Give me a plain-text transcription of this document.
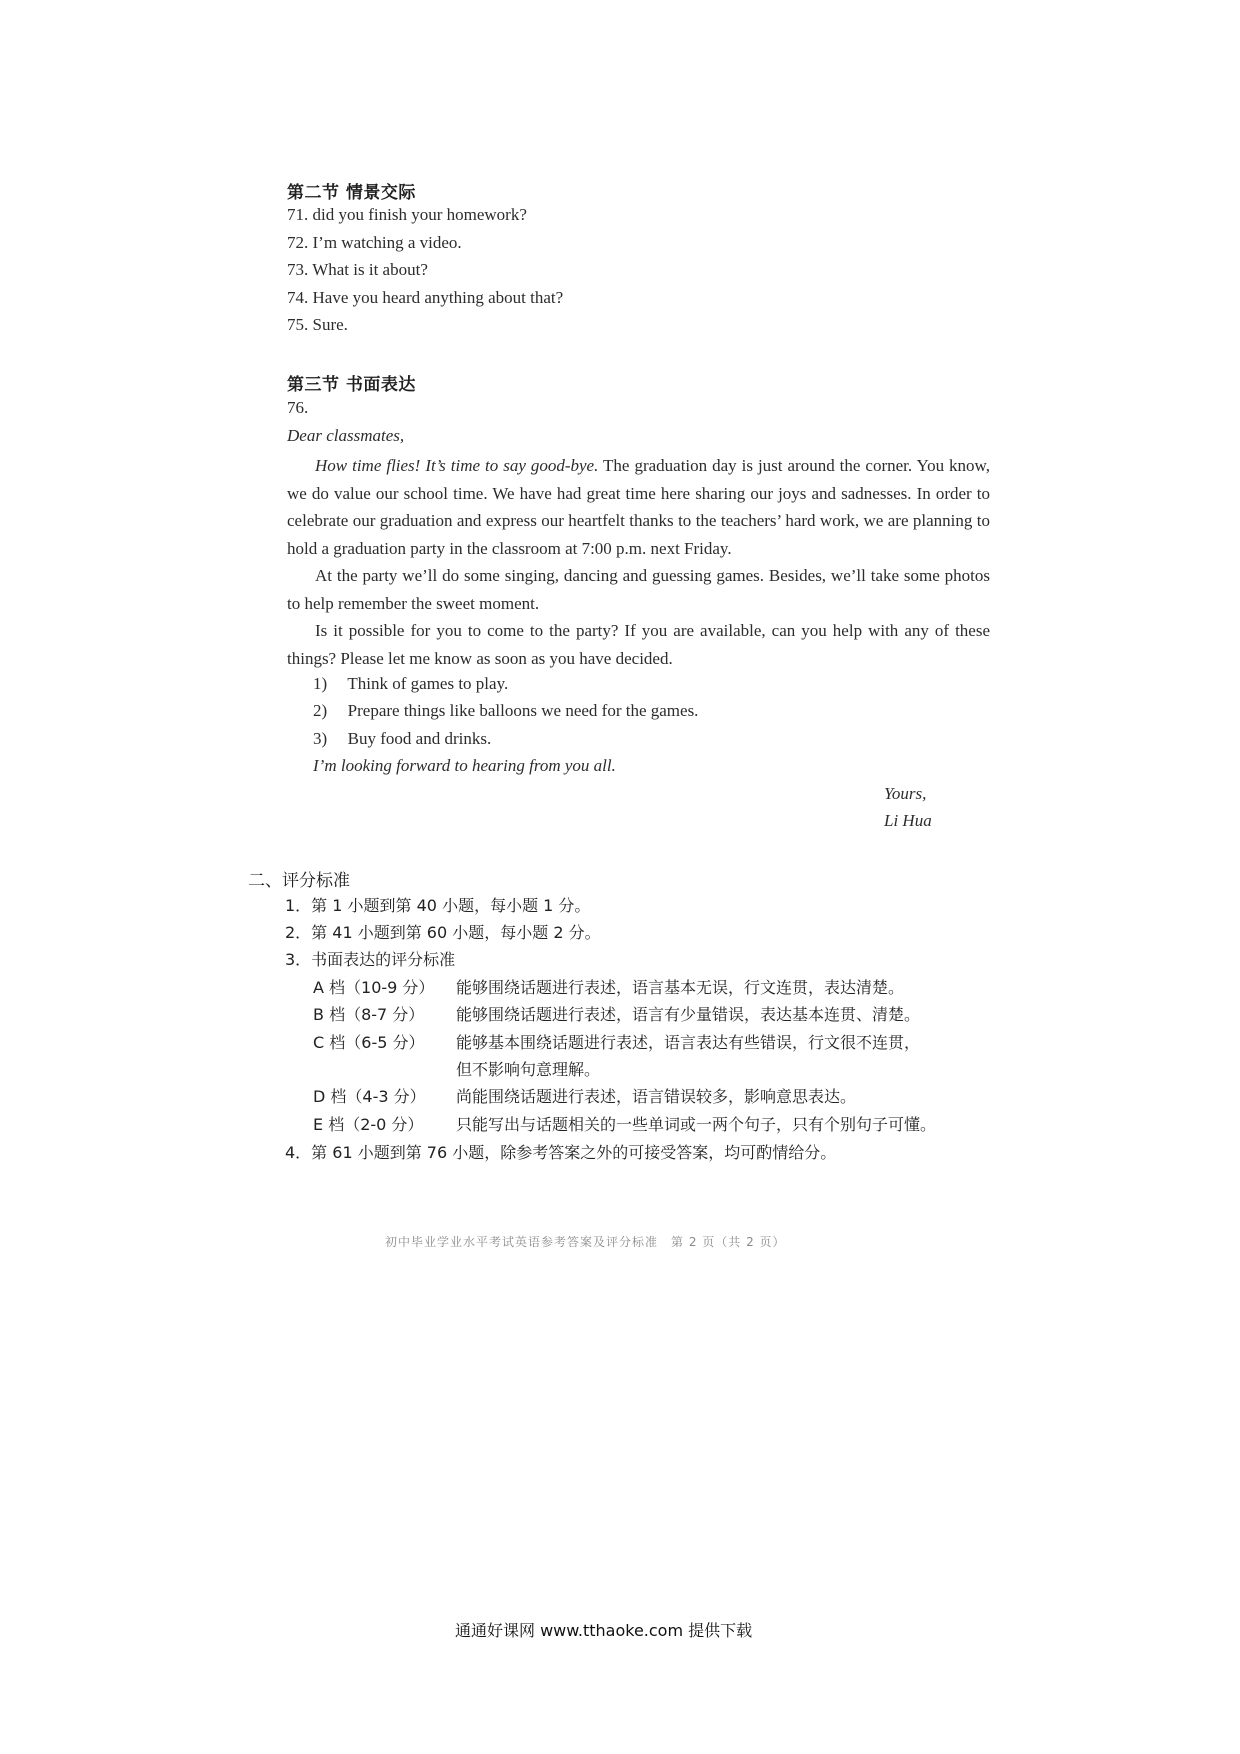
第二节 情景交际
71. did you finish your homework?
72. I’m watching a video.
73. What is it about?
74. Have you heard anything about that?
75. Sure.
第三节 书面表达
76.
Dear classmates,
How time flies! It’s time to say good-bye. The graduation day is just around the corner. You know, we do value our school time. We have had great time here sharing our joys and sadnesses. In order to celebrate our graduation and express our heartfelt thanks to the teachers’ hard work, we are planning to hold a graduation party in the classroom at 7:00 p.m. next Friday.
At the party we’ll do some singing, dancing and guessing games. Besides, we’ll take some photos to help remember the sweet moment.
Is it possible for you to come to the party? If you are available, can you help with any of these things? Please let me know as soon as you have decided.
1) Think of games to play.
2) Prepare things like balloons we need for the games.
3) Buy food and drinks.
I’m looking forward to hearing from you all.
Yours,
Li Hua
二、评分标准
1．第 1 小题到第 40 小题，每小题 1 分。
2．第 41 小题到第 60 小题，每小题 2 分。
3．书面表达的评分标准
A 档（10-9 分） 能够围绕话题进行表述，语言基本无误，行文连贯，表达清楚。
B 档（8-7 分） 能够围绕话题进行表述，语言有少量错误，表达基本连贯、清楚。
C 档（6-5 分） 能够基本围绕话题进行表述，语言表达有些错误，行文很不连贯，
但不影响句意理解。
D 档（4-3 分） 尚能围绕话题进行表述，语言错误较多，影响意思表达。
E 档（2-0 分） 只能写出与话题相关的一些单词或一两个句子，只有个别句子可懂。
4．第 61 小题到第 76 小题，除参考答案之外的可接受答案，均可酌情给分。
初中毕业学业水平考试英语参考答案及评分标准　第 2 页（共 2 页）
通通好课网 www.tthaoke.com 提供下载
